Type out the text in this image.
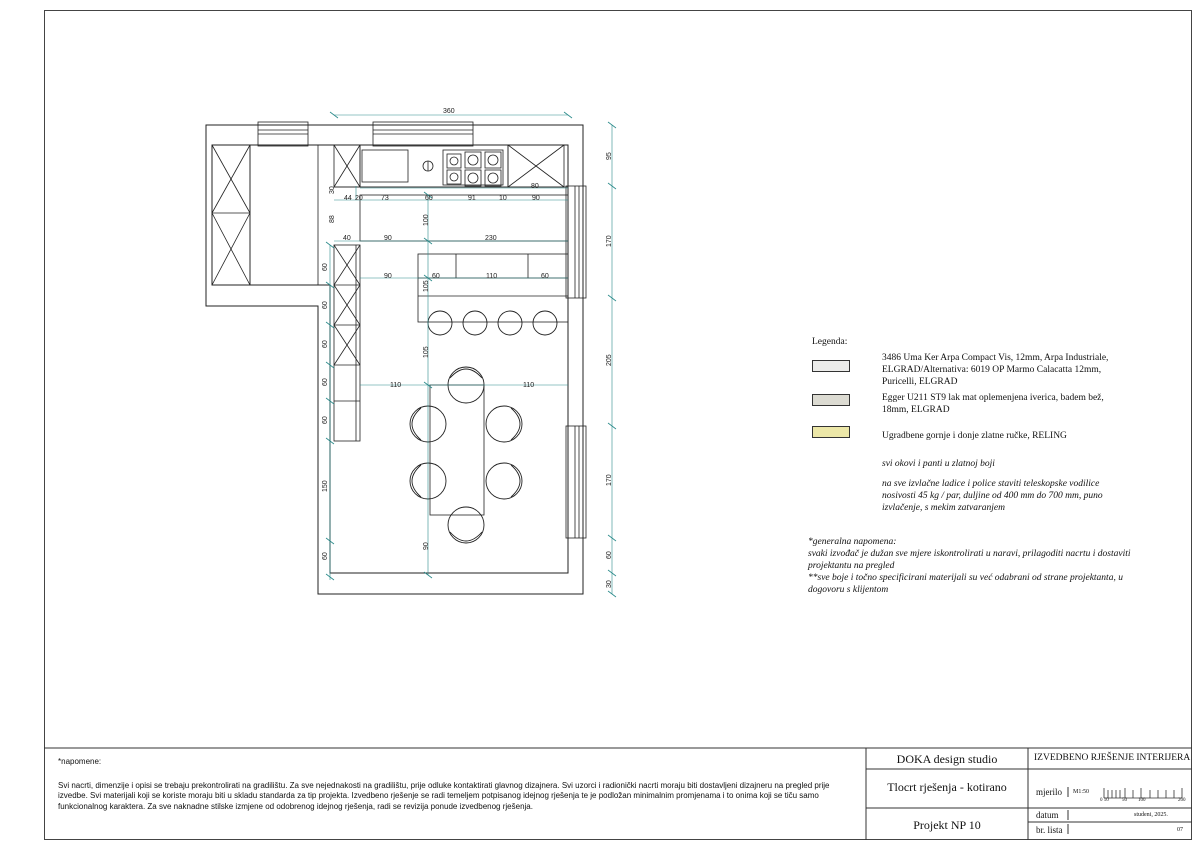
360
44 20	73	60	91	10	90
80
40	90	230
90	60	110	60
110	110
100
105
105
90
30
88
60
60
60
60
60
150
60
95
170
205
170
60
30
Legenda:
3486 Uma Ker Arpa Compact Vis, 12mm, Arpa Industriale, ELGRAD/Alternativa: 6019 OP Marmo Calacatta 12mm, Puricelli, ELGRAD
Egger U211 ST9 lak mat oplemenjena iverica, badem bež, 18mm, ELGRAD
Ugradbene gornje i donje zlatne ručke, RELING
svi okovi i panti u zlatnoj boji
na sve izvlačne ladice i police staviti teleskopske vodilice nosivosti 45 kg / par, duljine od 400 mm do 700 mm, puno izvlačenje, s mekim zatvaranjem
*generalna napomena:
svaki izvođač je dužan sve mjere iskontrolirati u naravi, prilagoditi nacrtu i dostaviti projektantu na pregled
**sve boje i točno specificirani materijali su već odabrani od strane projektanta, u dogovoru s klijentom
*napomene:
Svi nacrti, dimenzije i opisi se trebaju prekontrolirati na gradilištu. Za sve nejednakosti na gradilištu, prije odluke kontaktirati glavnog dizajnera. Svi uzorci i radionički nacrti moraju biti dostavljeni dizajneru na pregled prije izvedbe. Svi materijali koji se koriste moraju biti u skladu standarda za tip projekta. Izvedbeno rješenje se radi temeljem potpisanog idejnog rješenja te je podložan minimalnim promjenama i to onima koji se tiču samo funkcionalnog karaktera. Za sve naknadne stilske izmjene od odobrenog idejnog rješenja, radi se revizija ponude izvedbenog rješenja.
DOKA design studio
Tlocrt rješenja - kotirano
Projekt NP 10
IZVEDBENO RJEŠENJE INTERIJERA
mjerilo M1:50
0 10	50 100	200
datum	studeni, 2025.
br. lista	07
